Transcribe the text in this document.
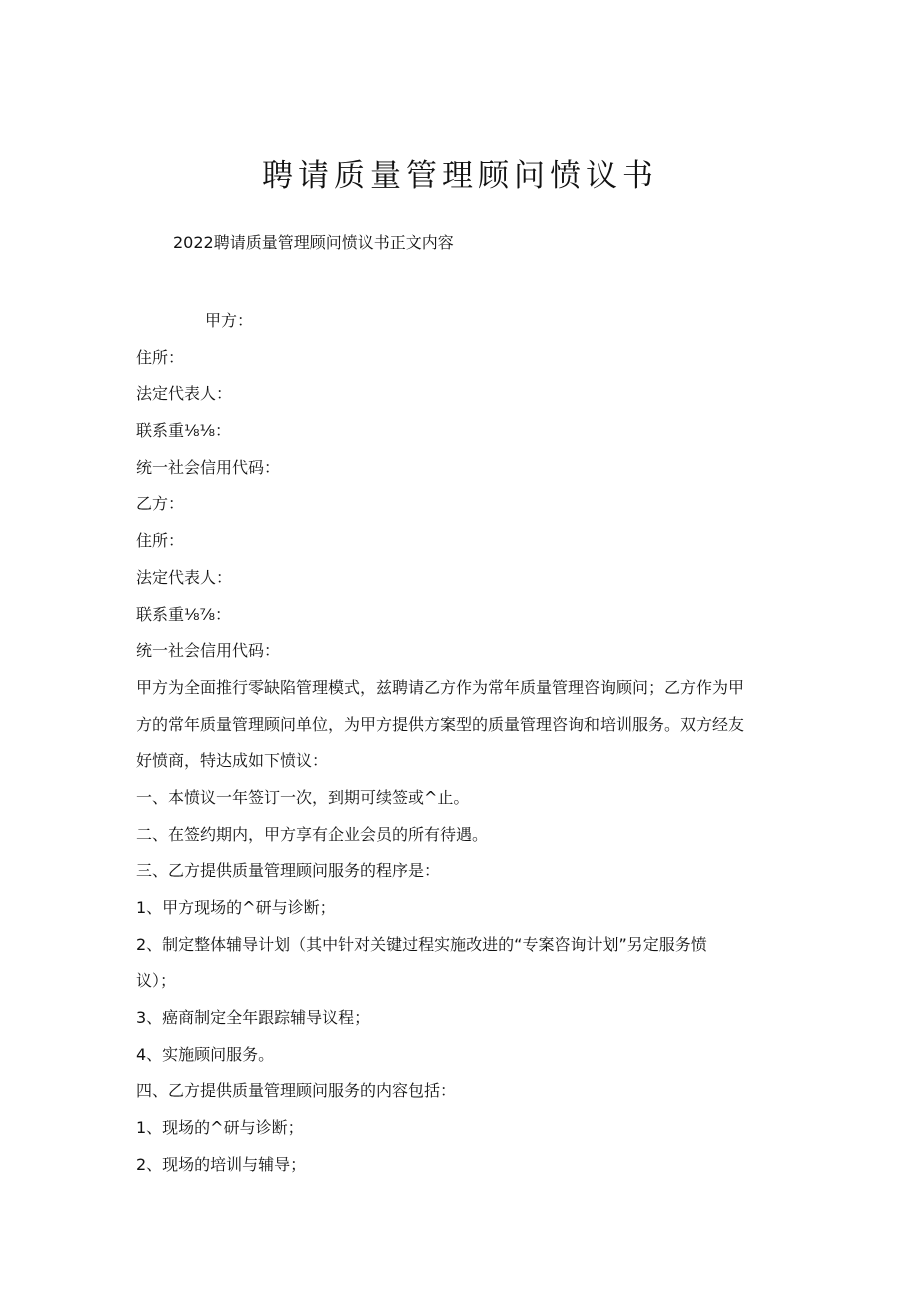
聘请质量管理顾问愤议书

2022聘请质量管理顾问愤议书正文内容

甲方：
住所：
法定代表人：
联系重⅛⅛：
统一社会信用代码：
乙方：
住所：
法定代表人：
联系重⅛⅞：
统一社会信用代码：
甲方为全面推行零缺陷管理模式，兹聘请乙方作为常年质量管理咨询顾问；乙方作为甲
方的常年质量管理顾问单位，为甲方提供方案型的质量管理咨询和培训服务。双方经友
好愤商，特达成如下愤议：
一、本愤议一年签订一次，到期可续签或^止。
二、在签约期内，甲方享有企业会员的所有待遇。
三、乙方提供质量管理顾问服务的程序是：
1、甲方现场的^研与诊断；
2、制定整体辅导计划（其中针对关键过程实施改进的“专案咨询计划”另定服务愤
议）；
3、癌商制定全年跟踪辅导议程；
4、实施顾问服务。
四、乙方提供质量管理顾问服务的内容包括：
1、现场的^研与诊断；
2、现场的培训与辅导；
